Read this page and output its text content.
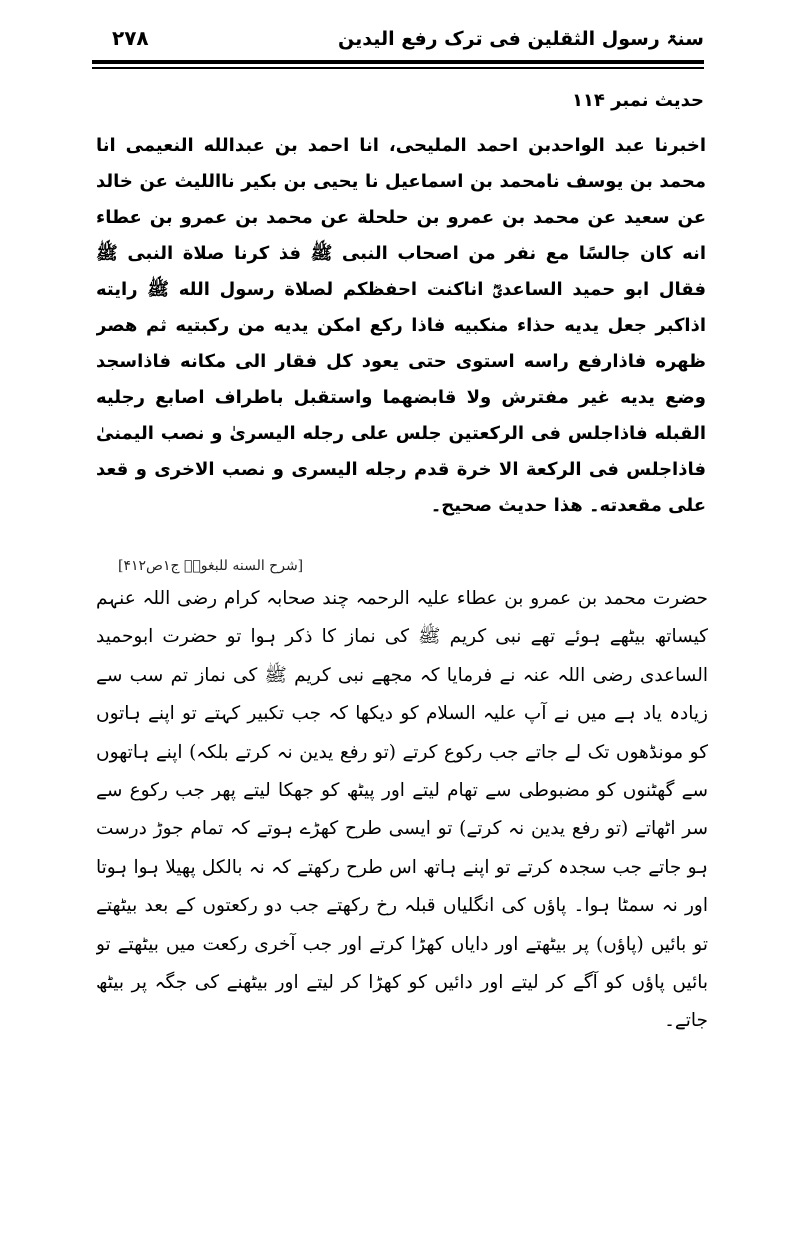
سنۃ رسول الثقلین فی ترک رفع الیدین
۲۷۸
حدیث نمبر ۱۱۴

اخبرنا عبد الواحدبن احمد المليحى، انا احمد بن عبدالله النعيمى انا محمد بن يوسف نامحمد بن اسماعيل نا يحيى بن بكير ناالليث عن خالد عن سعيد عن محمد بن عمرو بن حلحلة عن محمد بن عمرو بن عطاء انه كان جالسًا مع نفر من اصحاب النبى ﷺ فذ كرنا صلاة النبى ﷺ فقال ابو حميد الساعدىؓ اناكنت احفظكم لصلاة رسول الله ﷺ رايته اذاكبر جعل يديه حذاء منكبيه فاذا ركع امكن يديه من ركبتيه ثم هصر ظهره فاذارفع راسه استوى حتى يعود كل فقار الى مكانه فاذاسجد وضع يديه غير مفترش ولا قابضهما واستقبل باطراف اصابع رجليه القبله فاذاجلس فى الركعتين جلس على رجله اليسرىٰ و نصب اليمنىٰ فاذاجلس فى الركعة الا خرة قدم رجله اليسرى و نصب الاخرى و قعد على مقعدته۔ هذا حديث صحيح۔

[شرح السنه للبغویؒ ج۱ص۴۱۲]

حضرت محمد بن عمرو بن عطاء علیہ الرحمہ چند صحابہ کرام رضی اللہ عنہم کیساتھ بیٹھے ہوئے تھے نبی کریم ﷺ کی نماز کا ذکر ہوا تو حضرت ابوحمید الساعدی رضی اللہ عنہ نے فرمایا کہ مجھے نبی کریم ﷺ کی نماز تم سب سے زیادہ یاد ہے میں نے آپ علیہ السلام کو دیکھا کہ جب تکبیر کہتے تو اپنے ہاتوں کو مونڈھوں تک لے جاتے جب رکوع کرتے (تو رفع یدین نہ کرتے بلکہ) اپنے ہاتھوں سے گھٹنوں کو مضبوطی سے تھام لیتے اور پیٹھ کو جھکا لیتے پھر جب رکوع سے سر اٹھاتے (تو رفع یدین نہ کرتے) تو ایسی طرح کھڑے ہوتے کہ تمام جوڑ درست ہو جاتے جب سجدہ کرتے تو اپنے ہاتھ اس طرح رکھتے کہ نہ بالکل پھیلا ہوا ہوتا اور نہ سمٹا ہوا۔ پاؤں کی انگلیاں قبلہ رخ رکھتے جب دو رکعتوں کے بعد بیٹھتے تو بائیں (پاؤں) پر بیٹھتے اور دایاں کھڑا کرتے اور جب آخری رکعت میں بیٹھتے تو بائیں پاؤں کو آگے کر لیتے اور دائیں کو کھڑا کر لیتے اور بیٹھنے کی جگہ پر بیٹھ جاتے۔
